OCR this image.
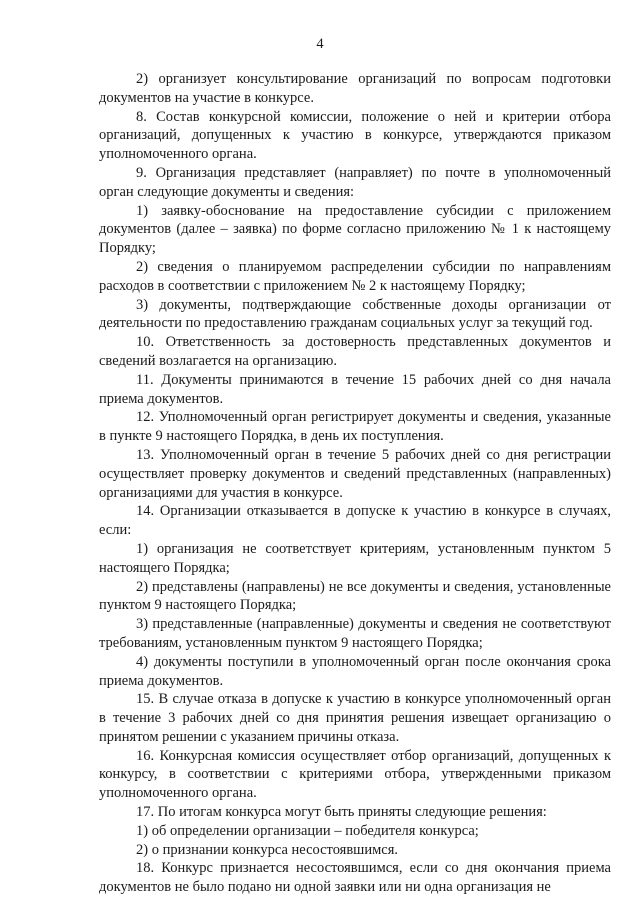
4

2) организует консультирование организаций по вопросам подготовки документов на участие в конкурсе.

8. Состав конкурсной комиссии, положение о ней и критерии отбора организаций, допущенных к участию в конкурсе, утверждаются приказом уполномоченного органа.

9. Организация представляет (направляет) по почте в уполномоченный орган следующие документы и сведения:

1) заявку-обоснование на предоставление субсидии с приложением документов (далее – заявка) по форме согласно приложению № 1 к настоящему Порядку;

2) сведения о планируемом распределении субсидии по направлениям расходов в соответствии с приложением № 2 к настоящему Порядку;

3) документы, подтверждающие собственные доходы организации от деятельности по предоставлению гражданам социальных услуг за текущий год.

10. Ответственность за достоверность представленных документов и сведений возлагается на организацию.

11. Документы принимаются в течение 15 рабочих дней со дня начала приема документов.

12. Уполномоченный орган регистрирует документы и сведения, указанные в пункте 9 настоящего Порядка, в день их поступления.

13. Уполномоченный орган в течение 5 рабочих дней со дня регистрации осуществляет проверку документов и сведений представленных (направленных) организациями для участия в конкурсе.

14. Организации отказывается в допуске к участию в конкурсе в случаях, если:

1) организация не соответствует критериям, установленным пунктом 5 настоящего Порядка;

2) представлены (направлены) не все документы и сведения, установленные пунктом 9 настоящего Порядка;

3) представленные (направленные) документы и сведения не соответствуют требованиям, установленным пунктом 9 настоящего Порядка;

4) документы поступили в уполномоченный орган после окончания срока приема документов.

15. В случае отказа в допуске к участию в конкурсе уполномоченный орган в течение 3 рабочих дней со дня принятия решения извещает организацию о принятом решении с указанием причины отказа.

16. Конкурсная комиссия осуществляет отбор организаций, допущенных к конкурсу, в соответствии с критериями отбора, утвержденными приказом уполномоченного органа.

17. По итогам конкурса могут быть приняты следующие решения:

1) об определении организации – победителя конкурса;

2) о признании конкурса несостоявшимся.

18. Конкурс признается несостоявшимся, если со дня окончания приема документов не было подано ни одной заявки или ни одна организация не
